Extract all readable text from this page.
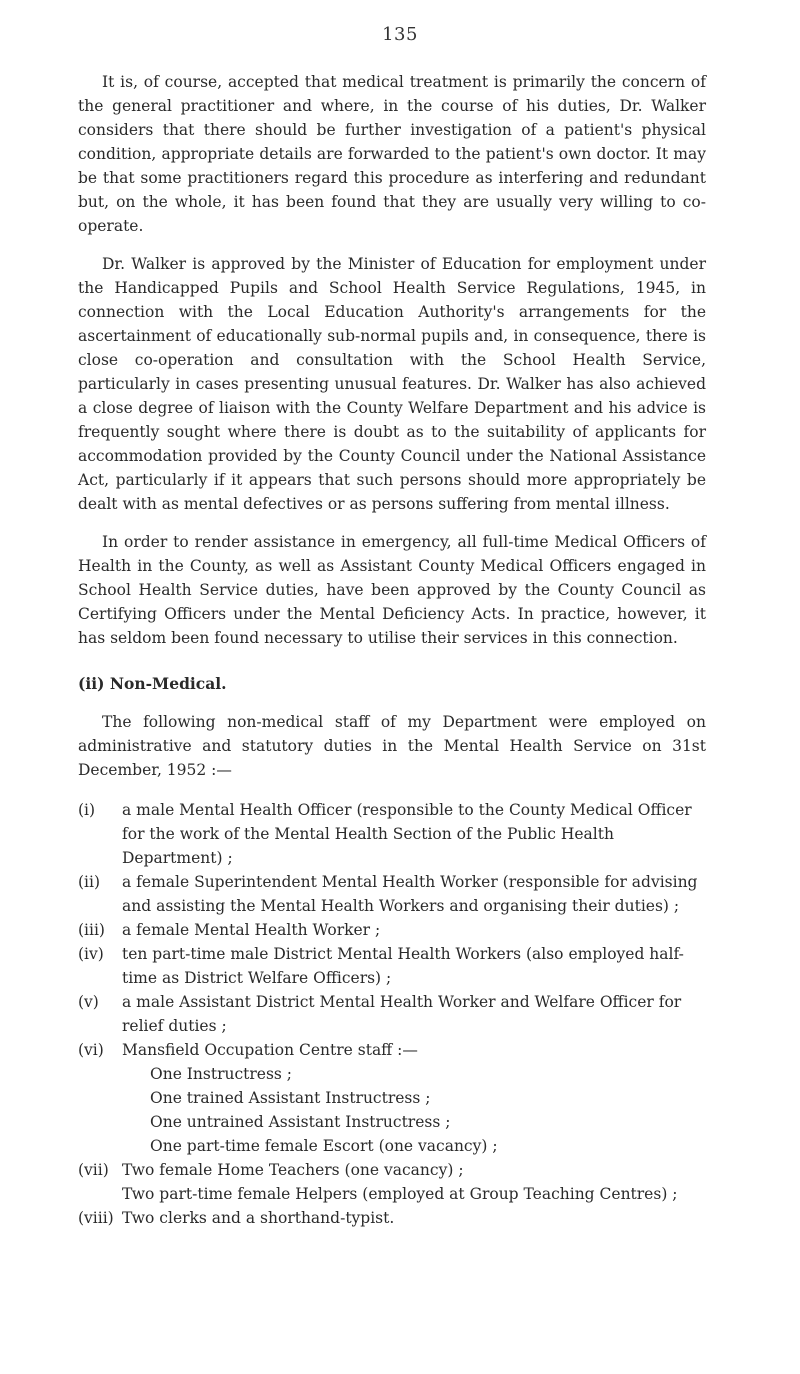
135

It is, of course, accepted that medical treatment is primarily the concern of the general practitioner and where, in the course of his duties, Dr. Walker considers that there should be further investigation of a patient's physical condition, appropriate details are forwarded to the patient's own doctor. It may be that some practitioners regard this procedure as interfering and redundant but, on the whole, it has been found that they are usually very willing to co-operate.

Dr. Walker is approved by the Minister of Education for employment under the Handicapped Pupils and School Health Service Regulations, 1945, in connection with the Local Education Authority's arrangements for the ascertainment of educationally sub-normal pupils and, in consequence, there is close co-operation and consultation with the School Health Service, particularly in cases presenting unusual features. Dr. Walker has also achieved a close degree of liaison with the County Welfare Department and his advice is frequently sought where there is doubt as to the suitability of applicants for accommodation provided by the County Council under the National Assistance Act, particularly if it appears that such persons should more appropriately be dealt with as mental defectives or as persons suffering from mental illness.

In order to render assistance in emergency, all full-time Medical Officers of Health in the County, as well as Assistant County Medical Officers engaged in School Health Service duties, have been approved by the County Council as Certifying Officers under the Mental Deficiency Acts. In practice, however, it has seldom been found necessary to utilise their services in this connection.

(ii) Non-Medical.

The following non-medical staff of my Department were employed on administrative and statutory duties in the Mental Health Service on 31st December, 1952 :—

(i)	a male Mental Health Officer (responsible to the County Medical Officer for the work of the Mental Health Section of the Public Health Department) ;
(ii)	a female Superintendent Mental Health Worker (responsible for advising and assisting the Mental Health Workers and organising their duties) ;
(iii)	a female Mental Health Worker ;
(iv)	ten part-time male District Mental Health Workers (also employed half-time as District Welfare Officers) ;
(v)	a male Assistant District Mental Health Worker and Welfare Officer for relief duties ;
(vi)	Mansfield Occupation Centre staff :—
One Instructress ;
One trained Assistant Instructress ;
One untrained Assistant Instructress ;
One part-time female Escort (one vacancy) ;
(vii) Two female Home Teachers (one vacancy) ;
Two part-time female Helpers (employed at Group Teaching Centres) ;
(viii) Two clerks and a shorthand-typist.
